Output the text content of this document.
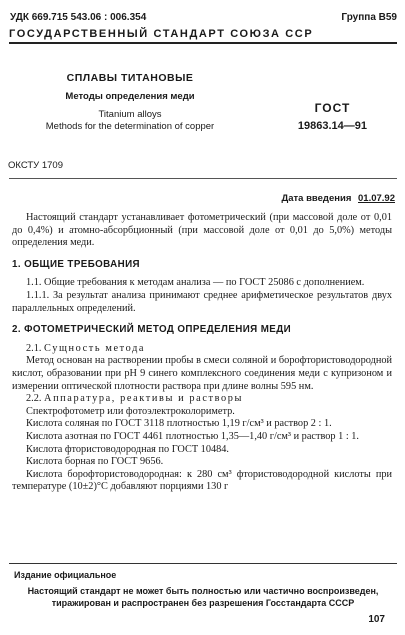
УДК 669.715 543.06 : 006.354	Группа В59
ГОСУДАРСТВЕННЫЙ СТАНДАРТ СОЮЗА ССР
СПЛАВЫ ТИТАНОВЫЕ
Методы определения меди
Titanium alloys
Methods for the determination of copper
ГОСТ
19863.14—91
ОКСТУ 1709
Дата введения 01.07.92

Настоящий стандарт устанавливает фотометрический (при массовой доле от 0,01 до 0,4%) и атомно-абсорбционный (при массовой доле от 0,01 до 5,0%) методы определения меди.

1. ОБЩИЕ ТРЕБОВАНИЯ

1.1. Общие требования к методам анализа — по ГОСТ 25086 с дополнением.

1.1.1. За результат анализа принимают среднее арифметическое результатов двух параллельных определений.

2. ФОТОМЕТРИЧЕСКИЙ МЕТОД ОПРЕДЕЛЕНИЯ МЕДИ

2.1. Сущность метода

Метод основан на растворении пробы в смеси соляной и борофтористоводородной кислот, образовании при рН 9 синего комплексного соединения меди с купризоном и измерении оптической плотности раствора при длине волны 595 нм.

2.2. Аппаратура, реактивы и растворы

Спектрофотометр или фотоэлектроколориметр.

Кислота соляная по ГОСТ 3118 плотностью 1,19 г/см³ и раствор 2 : 1.

Кислота азотная по ГОСТ 4461 плотностью 1,35—1,40 г/см³ и раствор 1 : 1.

Кислота фтористоводородная по ГОСТ 10484.

Кислота борная по ГОСТ 9656.

Кислота борофтористоводородная: к 280 см³ фтористоводородной кислоты при температуре (10±2)°С добавляют порциями 130 г

Издание официальное
Настоящий стандарт не может быть полностью или частично воспроизведен, тиражирован и распространен без разрешения Госстандарта СССР
107
